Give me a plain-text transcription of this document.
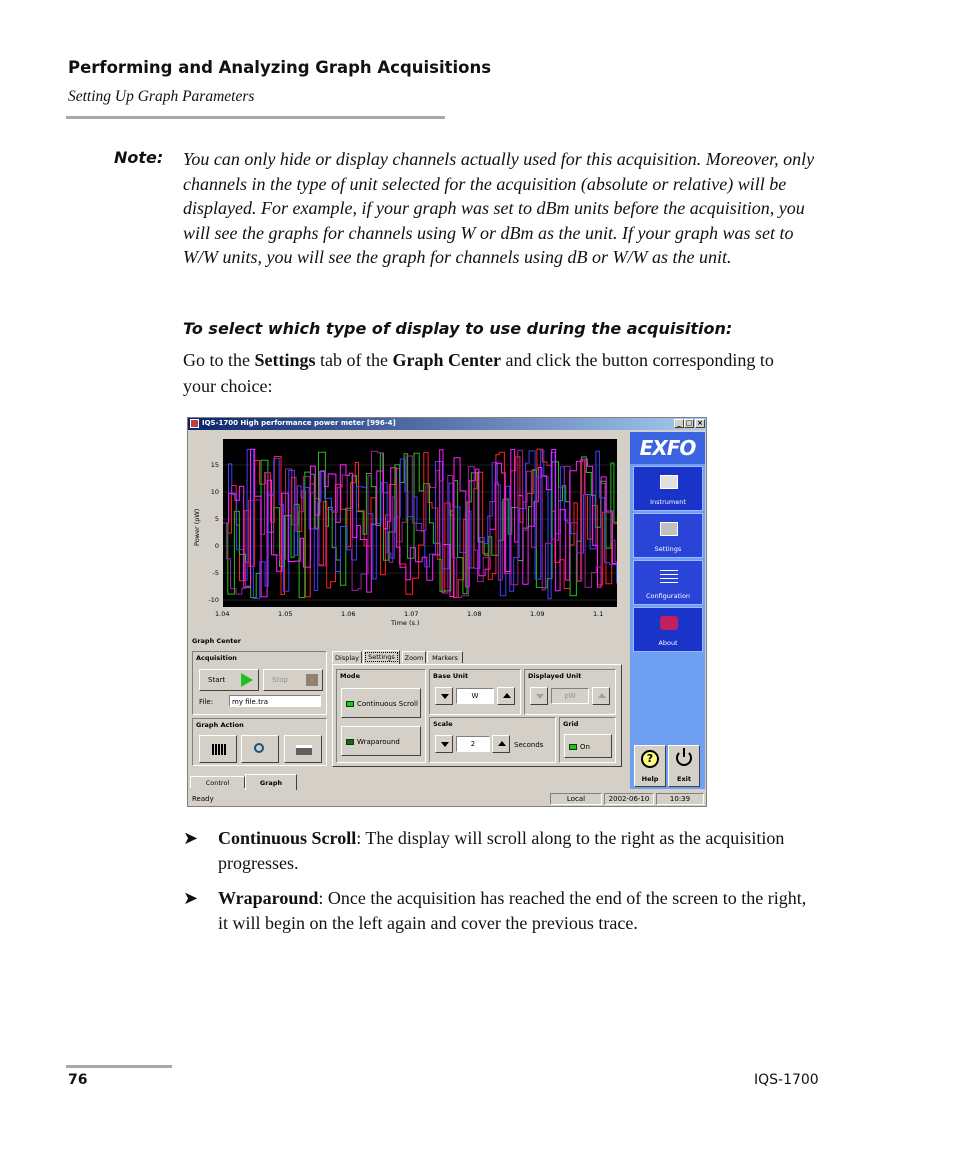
Performing and Analyzing Graph Acquisitions
Setting Up Graph Parameters
Note: You can only hide or display channels actually used for this acquisition. Moreover, only channels in the type of unit selected for the acquisition (absolute or relative) will be displayed. For example, if your graph was set to dBm units before the acquisition, you will see the graphs for channels using W or dBm as the unit. If your graph was set to W/W units, you will see the graph for channels using dB or W/W as the unit.
To select which type of display to use during the acquisition:
Go to the Settings tab of the Graph Center and click the button corresponding to your choice:
IQS-1700 High performance power meter [996-4]	_ □ ×
Power (pW)
15
10
5
0
-5
-10
1.04	1.05	1.06	1.07	1.08	1.09	1.1
Time (s.)
Graph Center
Acquisition
Start	Stop
File:	my file.tra
Graph Action
Display	Settings	Zoom	Markers
Mode
Continuous Scroll
Wraparound
Base Unit
W
Displayed Unit
pW
Scale
2	Seconds
Grid
On
Control	Graph
Ready	Local	2002-06-10	10:39
EXFO
Instrument
Settings
Configuration
About
?
Help	Exit
➤ Continuous Scroll: The display will scroll along to the right as the acquisition progresses.
➤ Wraparound: Once the acquisition has reached the end of the screen to the right, it will begin on the left again and cover the previous trace.
76	IQS-1700
